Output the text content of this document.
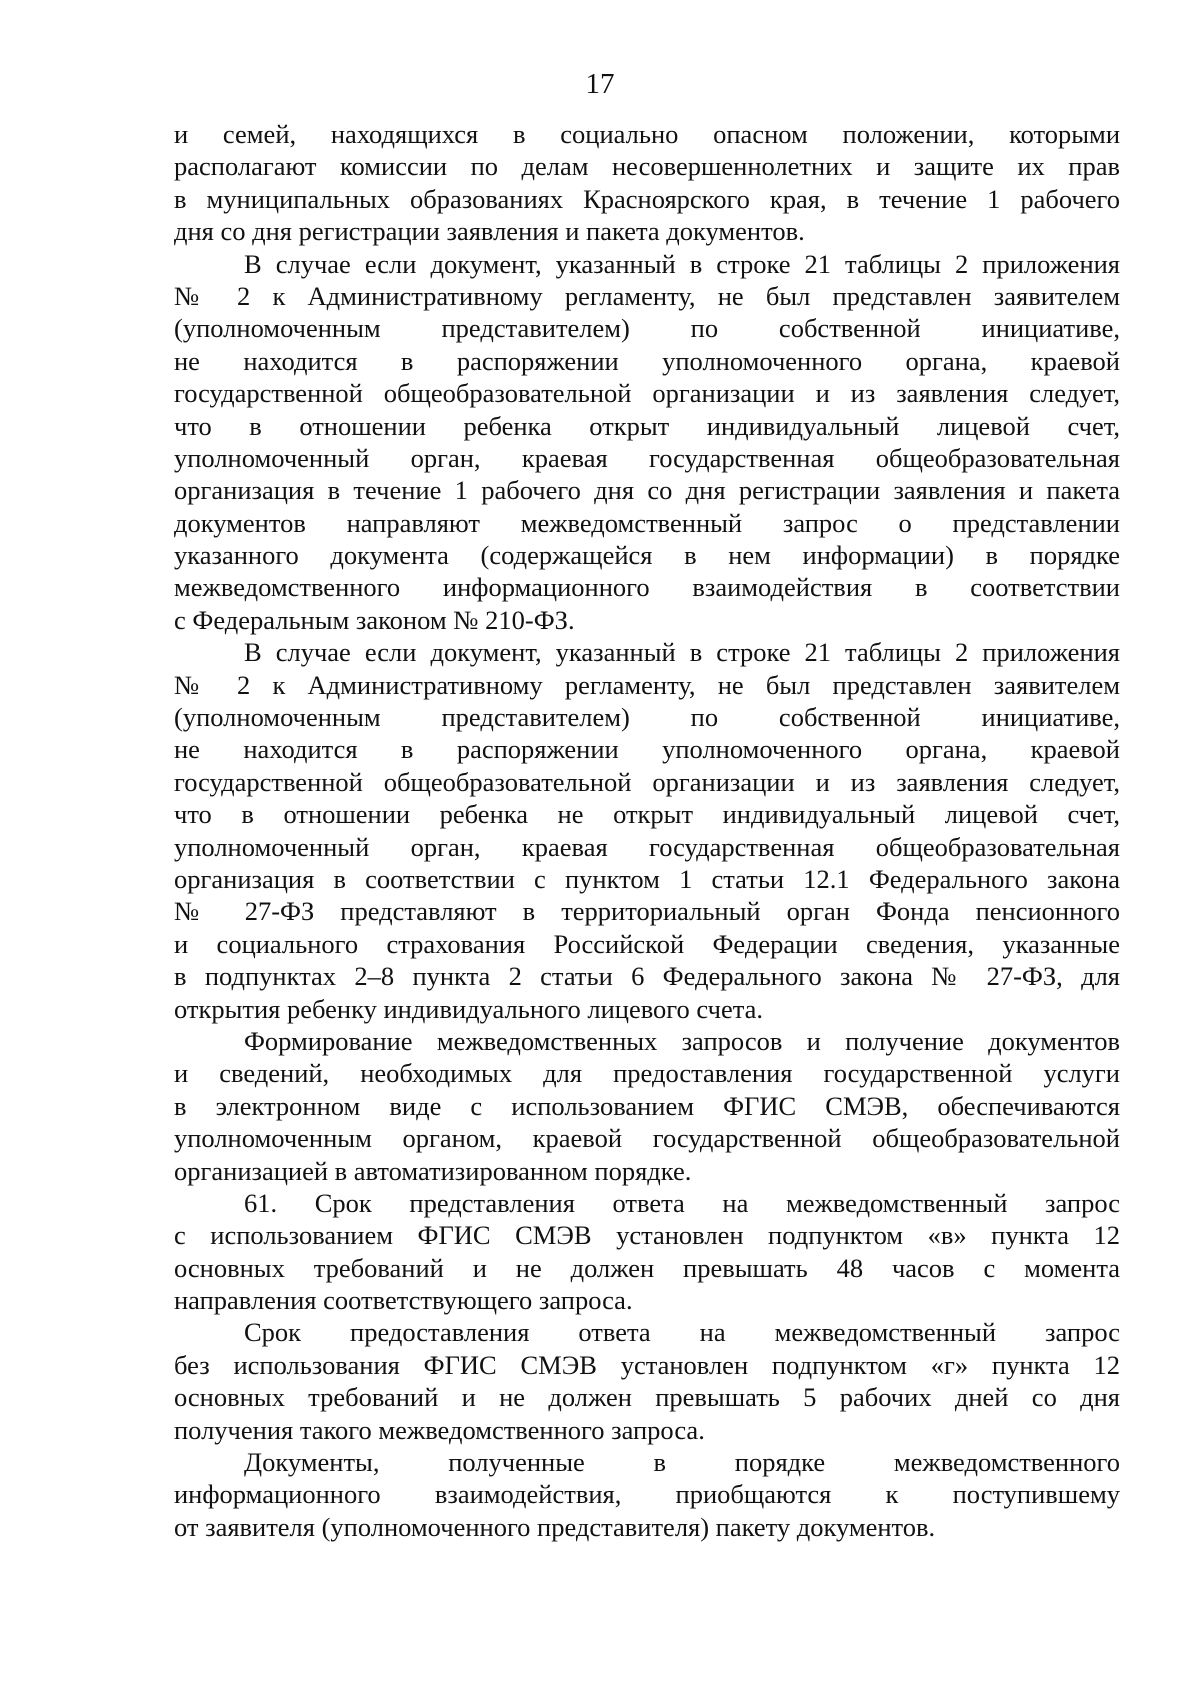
17
и семей, находящихся в социально опасном положении, которыми
располагают комиссии по делам несовершеннолетних и защите их прав
в муниципальных образованиях Красноярского края, в течение 1 рабочего
дня со дня регистрации заявления и пакета документов.
В случае если документ, указанный в строке 21 таблицы 2 приложения
№ 2 к Административному регламенту, не был представлен заявителем
(уполномоченным представителем) по собственной инициативе,
не находится в распоряжении уполномоченного органа, краевой
государственной общеобразовательной организации и из заявления следует,
что в отношении ребенка открыт индивидуальный лицевой счет,
уполномоченный орган, краевая государственная общеобразовательная
организация в течение 1 рабочего дня со дня регистрации заявления и пакета
документов направляют межведомственный запрос о представлении
указанного документа (содержащейся в нем информации) в порядке
межведомственного информационного взаимодействия в соответствии
с Федеральным законом № 210-ФЗ.
В случае если документ, указанный в строке 21 таблицы 2 приложения
№ 2 к Административному регламенту, не был представлен заявителем
(уполномоченным представителем) по собственной инициативе,
не находится в распоряжении уполномоченного органа, краевой
государственной общеобразовательной организации и из заявления следует,
что в отношении ребенка не открыт индивидуальный лицевой счет,
уполномоченный орган, краевая государственная общеобразовательная
организация в соответствии с пунктом 1 статьи 12.1 Федерального закона
№ 27-ФЗ представляют в территориальный орган Фонда пенсионного
и социального страхования Российской Федерации сведения, указанные
в подпунктах 2–8 пункта 2 статьи 6 Федерального закона № 27-ФЗ, для
открытия ребенку индивидуального лицевого счета.
Формирование межведомственных запросов и получение документов
и сведений, необходимых для предоставления государственной услуги
в электронном виде с использованием ФГИС СМЭВ, обеспечиваются
уполномоченным органом, краевой государственной общеобразовательной
организацией в автоматизированном порядке.
61. Срок представления ответа на межведомственный запрос
с использованием ФГИС СМЭВ установлен подпунктом «в» пункта 12
основных требований и не должен превышать 48 часов с момента
направления соответствующего запроса.
Срок предоставления ответа на межведомственный запрос
без использования ФГИС СМЭВ установлен подпунктом «г» пункта 12
основных требований и не должен превышать 5 рабочих дней со дня
получения такого межведомственного запроса.
Документы, полученные в порядке межведомственного
информационного взаимодействия, приобщаются к поступившему
от заявителя (уполномоченного представителя) пакету документов.
